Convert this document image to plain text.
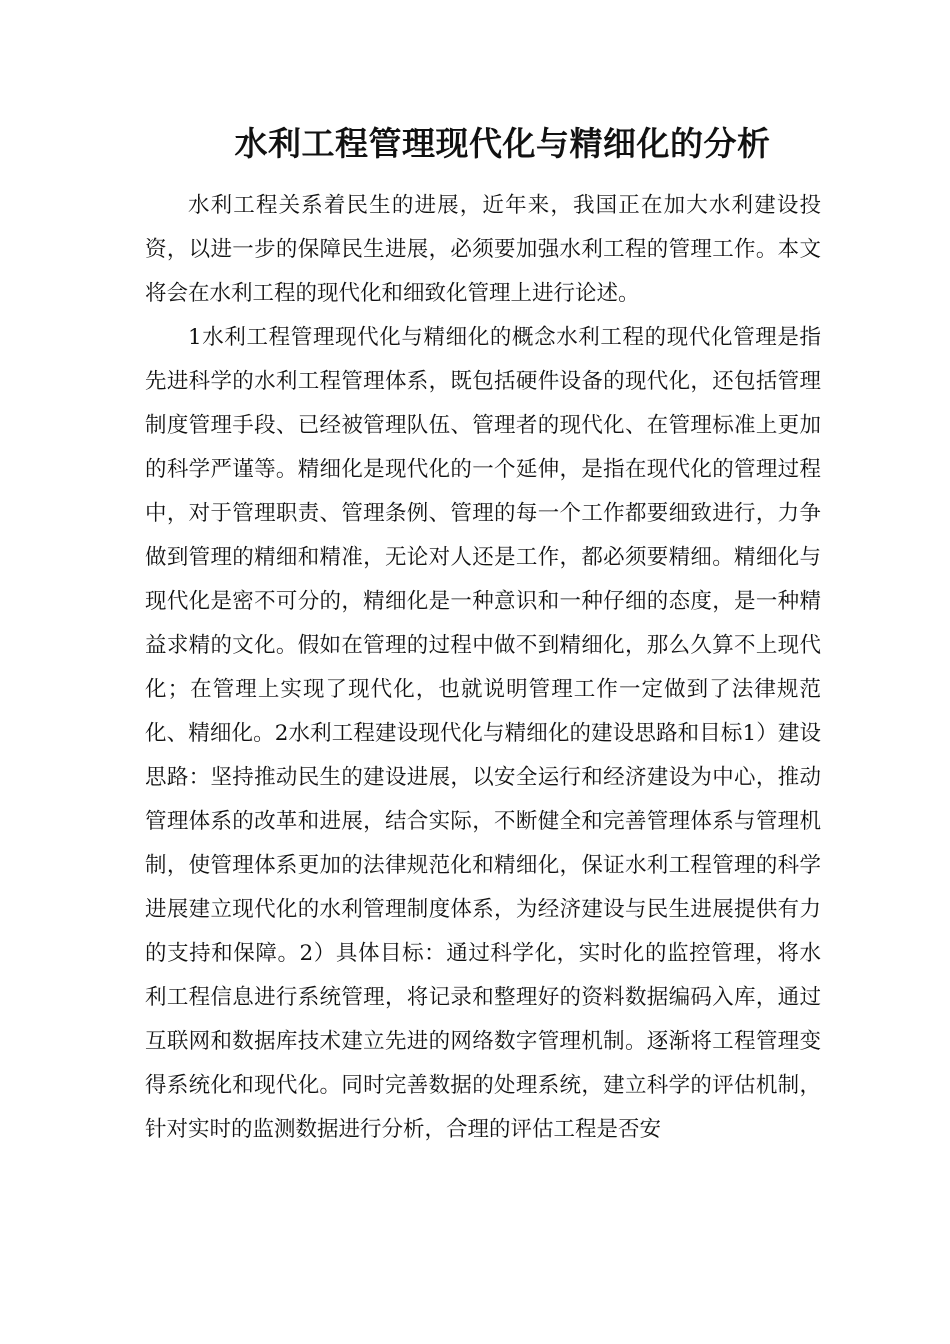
水利工程管理现代化与精细化的分析

水利工程关系着民生的进展，近年来，我国正在加大水利建设投资，以进一步的保障民生进展，必须要加强水利工程的管理工作。本文将会在水利工程的现代化和细致化管理上进行论述。

1水利工程管理现代化与精细化的概念水利工程的现代化管理是指先进科学的水利工程管理体系，既包括硬件设备的现代化，还包括管理制度管理手段、已经被管理队伍、管理者的现代化、在管理标准上更加的科学严谨等。精细化是现代化的一个延伸，是指在现代化的管理过程中，对于管理职责、管理条例、管理的每一个工作都要细致进行，力争做到管理的精细和精准，无论对人还是工作，都必须要精细。精细化与现代化是密不可分的，精细化是一种意识和一种仔细的态度，是一种精益求精的文化。假如在管理的过程中做不到精细化，那么久算不上现代化；在管理上实现了现代化，也就说明管理工作一定做到了法律规范化、精细化。2水利工程建设现代化与精细化的建设思路和目标1）建设思路：坚持推动民生的建设进展，以安全运行和经济建设为中心，推动管理体系的改革和进展，结合实际，不断健全和完善管理体系与管理机制，使管理体系更加的法律规范化和精细化，保证水利工程管理的科学进展建立现代化的水利管理制度体系，为经济建设与民生进展提供有力的支持和保障。2）具体目标：通过科学化，实时化的监控管理，将水利工程信息进行系统管理，将记录和整理好的资料数据编码入库，通过互联网和数据库技术建立先进的网络数字管理机制。逐渐将工程管理变得系统化和现代化。同时完善数据的处理系统，建立科学的评估机制，针对实时的监测数据进行分析，合理的评估工程是否安
